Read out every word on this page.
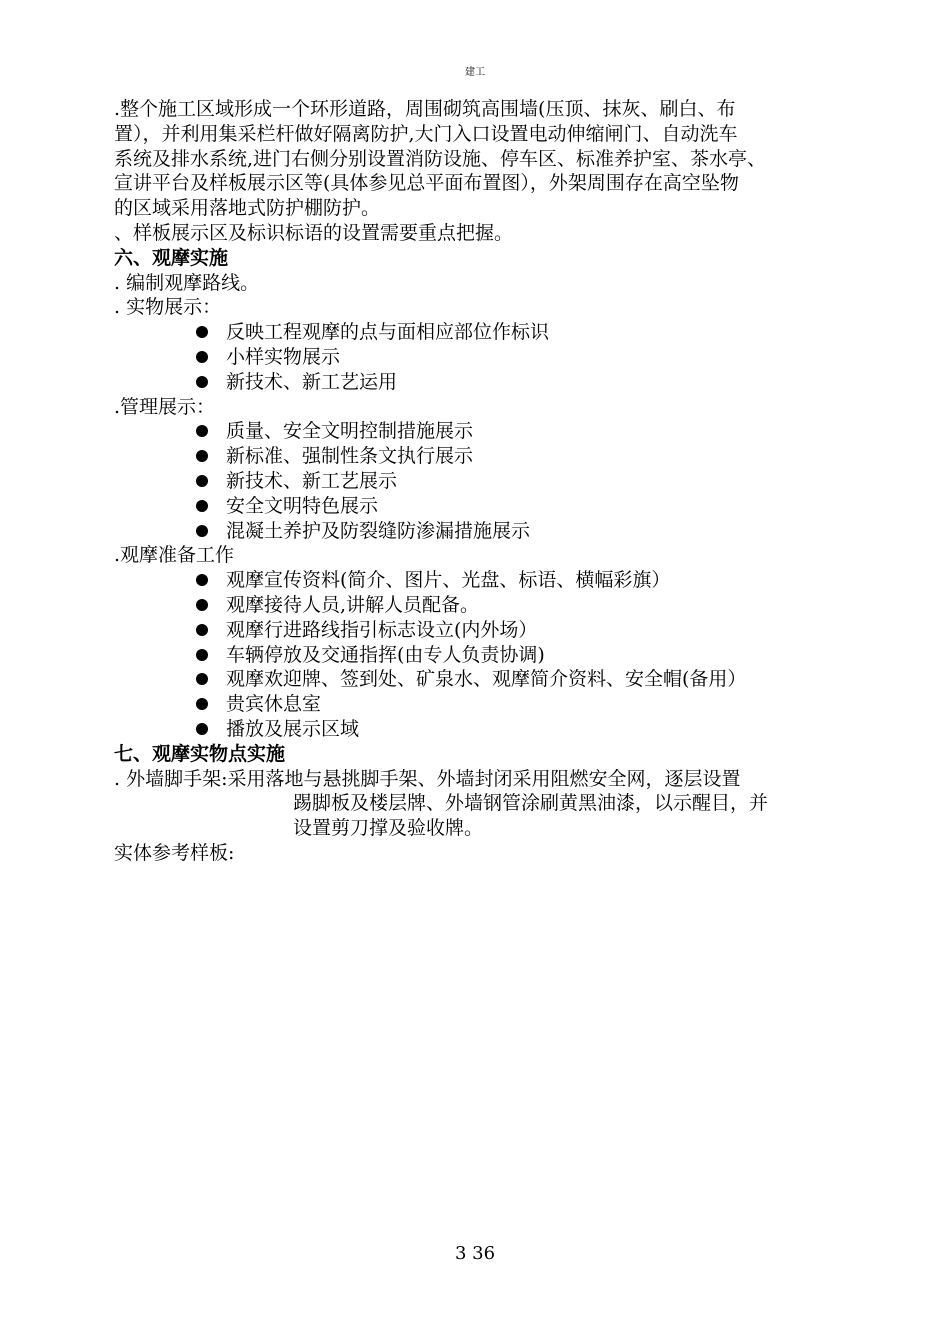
建工
.整个施工区域形成一个环形道路，周围砌筑高围墙(压顶、抹灰、刷白、布
置），并利用集采栏杆做好隔离防护,大门入口设置电动伸缩闸门、自动洗车
系统及排水系统,进门右侧分别设置消防设施、停车区、标准养护室、茶水亭、
宣讲平台及样板展示区等(具体参见总平面布置图），外架周围存在高空坠物
的区域采用落地式防护棚防护。
、样板展示区及标识标语的设置需要重点把握。
六、观摩实施
. 编制观摩路线。
. 实物展示：
反映工程观摩的点与面相应部位作标识
小样实物展示
新技术、新工艺运用
.管理展示：
质量、安全文明控制措施展示
新标准、强制性条文执行展示
新技术、新工艺展示
安全文明特色展示
混凝土养护及防裂缝防渗漏措施展示
.观摩准备工作
观摩宣传资料(简介、图片、光盘、标语、横幅彩旗）
观摩接待人员,讲解人员配备。
观摩行进路线指引标志设立(内外场）
车辆停放及交通指挥(由专人负责协调)
观摩欢迎牌、签到处、矿泉水、观摩简介资料、安全帽(备用）
贵宾休息室
播放及展示区域
七、观摩实物点实施
. 外墙脚手架: 采用落地与悬挑脚手架、外墙封闭采用阻燃安全网，逐层设置
踢脚板及楼层牌、外墙钢管涂刷黄黑油漆，以示醒目，并
设置剪刀撑及验收牌。
实体参考样板:
3 36
